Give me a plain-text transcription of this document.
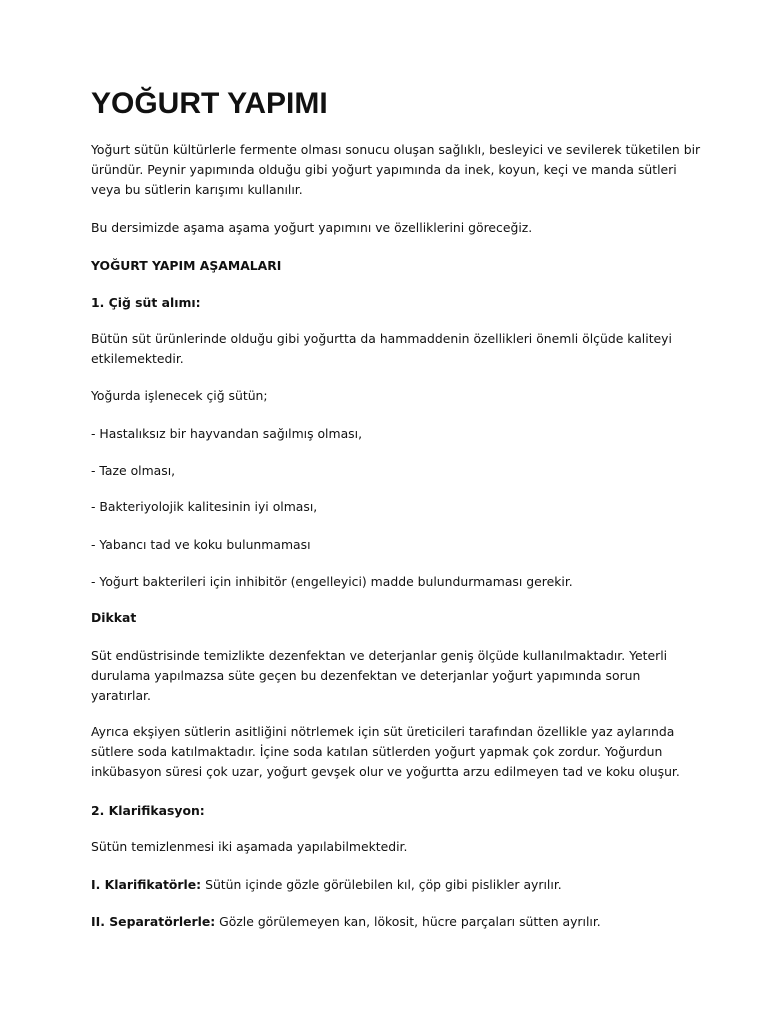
YOĞURT YAPIMI

Yoğurt sütün kültürlerle fermente olması sonucu oluşan sağlıklı, besleyici ve sevilerek tüketilen bir
üründür. Peynir yapımında olduğu gibi yoğurt yapımında da inek, koyun, keçi ve manda sütleri
veya bu sütlerin karışımı kullanılır.

Bu dersimizde aşama aşama yoğurt yapımını ve özelliklerini göreceğiz.

YOĞURT YAPIM AŞAMALARI

1. Çiğ süt alımı:

Bütün süt ürünlerinde olduğu gibi yoğurtta da hammaddenin özellikleri önemli ölçüde kaliteyi
etkilemektedir.

Yoğurda işlenecek çiğ sütün;

- Hastalıksız bir hayvandan sağılmış olması,

- Taze olması,

- Bakteriyolojik kalitesinin iyi olması,

- Yabancı tad ve koku bulunmaması

- Yoğurt bakterileri için inhibitör (engelleyici) madde bulundurmaması gerekir.

Dikkat

Süt endüstrisinde temizlikte dezenfektan ve deterjanlar geniş ölçüde kullanılmaktadır. Yeterli
durulama yapılmazsa süte geçen bu dezenfektan ve deterjanlar yoğurt yapımında sorun
yaratırlar.

Ayrıca ekşiyen sütlerin asitliğini nötrlemek için süt üreticileri tarafından özellikle yaz aylarında
sütlere soda katılmaktadır. İçine soda katılan sütlerden yoğurt yapmak çok zordur. Yoğurdun
inkübasyon süresi çok uzar, yoğurt gevşek olur ve yoğurtta arzu edilmeyen tad ve koku oluşur.

2. Klarifikasyon:

Sütün temizlenmesi iki aşamada yapılabilmektedir.

I. Klarifikatörle: Sütün içinde gözle görülebilen kıl, çöp gibi pislikler ayrılır.

II. Separatörlerle: Gözle görülemeyen kan, lökosit, hücre parçaları sütten ayrılır.
